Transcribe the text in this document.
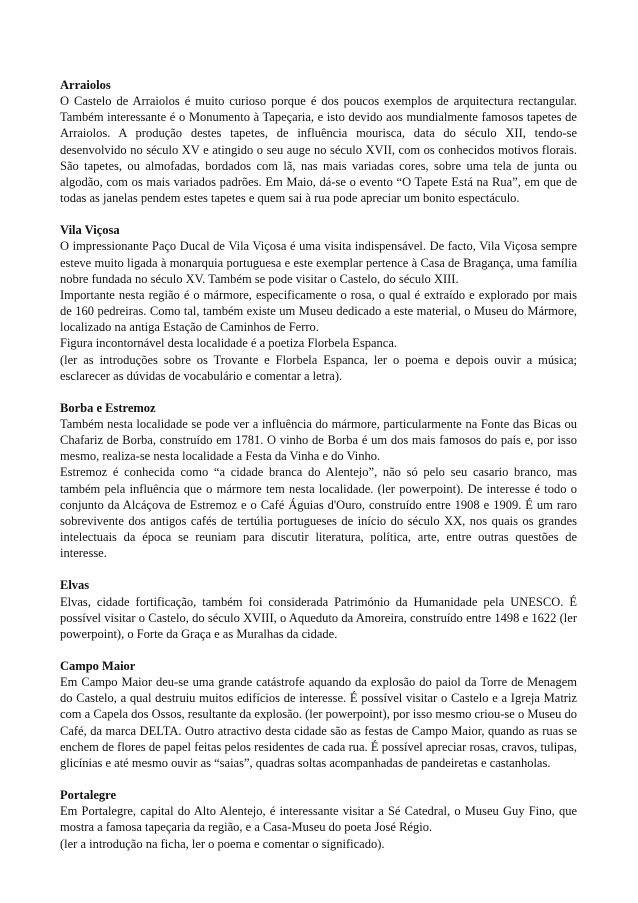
Arraiolos

O Castelo de Arraiolos é muito curioso porque é dos poucos exemplos de arquitectura rectangular. Também interessante é o Monumento à Tapeçaria, e isto devido aos mundialmente famosos tapetes de Arraiolos. A produção destes tapetes, de influência mourisca, data do século XII, tendo-se desenvolvido no século XV e atingido o seu auge no século XVII, com os conhecidos motivos florais. São tapetes, ou almofadas, bordados com lã, nas mais variadas cores, sobre uma tela de junta ou algodão, com os mais variados padrões. Em Maio, dá-se o evento “O Tapete Está na Rua”, em que de todas as janelas pendem estes tapetes e quem sai à rua pode apreciar um bonito espectáculo.

Vila Viçosa

O impressionante Paço Ducal de Vila Viçosa é uma visita indispensável. De facto, Vila Viçosa sempre esteve muito ligada à monarquia portuguesa e este exemplar pertence à Casa de Bragança, uma família nobre fundada no século XV. Também se pode visitar o Castelo, do século XIII.

Importante nesta região é o mármore, especificamente o rosa, o qual é extraído e explorado por mais de 160 pedreiras. Como tal, também existe um Museu dedicado a este material, o Museu do Mármore, localizado na antiga Estação de Caminhos de Ferro.

Figura incontornável desta localidade é a poetiza Florbela Espanca.

(ler as introduções sobre os Trovante e Florbela Espanca, ler o poema e depois ouvir a música; esclarecer as dúvidas de vocabulário e comentar a letra).

Borba e Estremoz

Também nesta localidade se pode ver a influência do mármore, particularmente na Fonte das Bicas ou Chafariz de Borba, construído em 1781. O vinho de Borba é um dos mais famosos do país e, por isso mesmo, realiza-se nesta localidade a Festa da Vinha e do Vinho.

Estremoz é conhecida como “a cidade branca do Alentejo”, não só pelo seu casario branco, mas também pela influência que o mármore tem nesta localidade. (ler powerpoint). De interesse é todo o conjunto da Alcáçova de Estremoz e o Café Águias d'Ouro, construído entre 1908 e 1909. É um raro sobrevivente dos antigos cafés de tertúlia portugueses de início do século XX, nos quais os grandes intelectuais da época se reuniam para discutir literatura, política, arte, entre outras questões de interesse.

Elvas

Elvas, cidade fortificação, também foi considerada Património da Humanidade pela UNESCO. É possível visitar o Castelo, do século XVIII, o Aqueduto da Amoreira, construído entre 1498 e 1622 (ler powerpoint), o Forte da Graça e as Muralhas da cidade.

Campo Maior

Em Campo Maior deu-se uma grande catástrofe aquando da explosão do paiol da Torre de Menagem do Castelo, a qual destruiu muitos edifícios de interesse. É possível visitar o Castelo e a Igreja Matriz com a Capela dos Ossos, resultante da explosão. (ler powerpoint), por isso mesmo criou-se o Museu do Café, da marca DELTA. Outro atractivo desta cidade são as festas de Campo Maior, quando as ruas se enchem de flores de papel feitas pelos residentes de cada rua. É possível apreciar rosas, cravos, tulipas, glicínias e até mesmo ouvir as “saias”, quadras soltas acompanhadas de pandeiretas e castanholas.

Portalegre

Em Portalegre, capital do Alto Alentejo, é interessante visitar a Sé Catedral, o Museu Guy Fino, que mostra a famosa tapeçaria da região, e a Casa-Museu do poeta José Régio.

(ler a introdução na ficha, ler o poema e comentar o significado).
